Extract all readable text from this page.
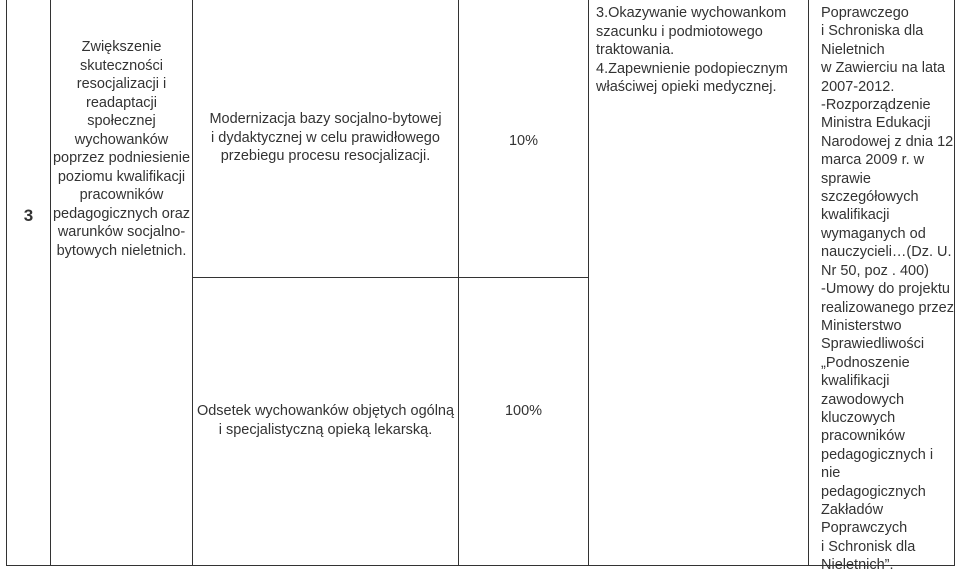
3
Zwiększenie
skuteczności
resocjalizacji i
readaptacji
społecznej
wychowanków
poprzez podniesienie
poziomu kwalifikacji
pracowników
pedagogicznych oraz
warunków socjalno-
bytowych nieletnich.
Modernizacja bazy socjalno-bytowej
i dydaktycznej w celu prawidłowego
przebiegu procesu resocjalizacji.
10%
Odsetek wychowanków objętych ogólną
i specjalistyczną opieką lekarską.
100%
3.Okazywanie wychowankom
szacunku i podmiotowego
traktowania.
4.Zapewnienie podopiecznym
właściwej opieki medycznej.
Poprawczego
i Schroniska dla
Nieletnich
w Zawierciu na lata
2007-2012.
-Rozporządzenie
Ministra Edukacji
Narodowej z dnia 12
marca 2009 r. w
sprawie
szczegółowych
kwalifikacji
wymaganych od
nauczycieli…(Dz. U.
Nr 50, poz . 400)
-Umowy do projektu
realizowanego przez
Ministerstwo
Sprawiedliwości
„Podnoszenie
kwalifikacji
zawodowych
kluczowych
pracowników
pedagogicznych i nie
pedagogicznych
Zakładów
Poprawczych
i Schronisk dla
Nieletnich”.
